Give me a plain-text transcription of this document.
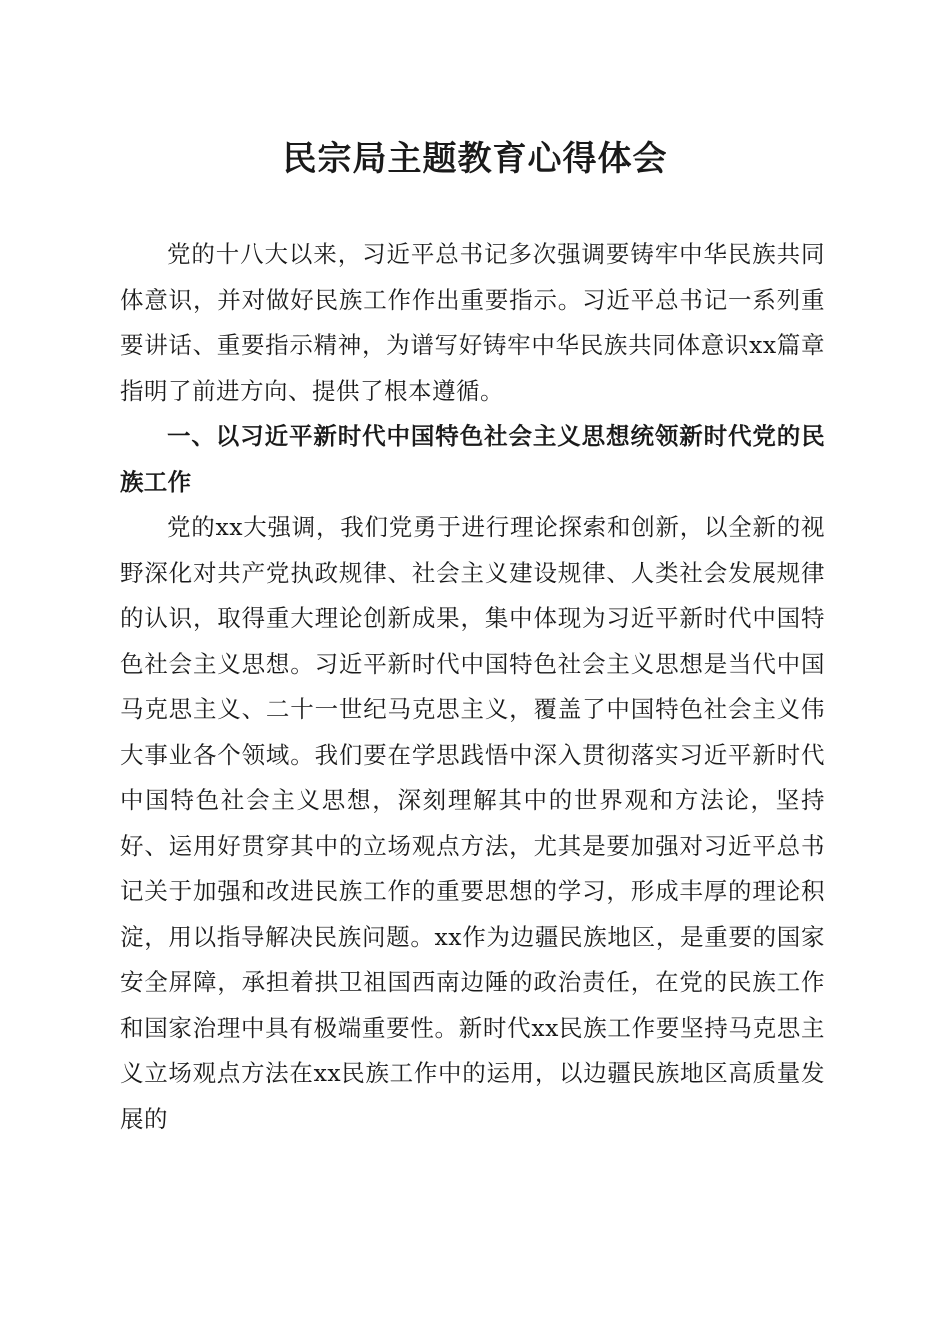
民宗局主题教育心得体会

党的十八大以来，习近平总书记多次强调要铸牢中华民族共同体意识，并对做好民族工作作出重要指示。习近平总书记一系列重要讲话、重要指示精神，为谱写好铸牢中华民族共同体意识xx篇章指明了前进方向、提供了根本遵循。

一、以习近平新时代中国特色社会主义思想统领新时代党的民族工作

党的xx大强调，我们党勇于进行理论探索和创新，以全新的视野深化对共产党执政规律、社会主义建设规律、人类社会发展规律的认识，取得重大理论创新成果，集中体现为习近平新时代中国特色社会主义思想。习近平新时代中国特色社会主义思想是当代中国马克思主义、二十一世纪马克思主义，覆盖了中国特色社会主义伟大事业各个领域。我们要在学思践悟中深入贯彻落实习近平新时代中国特色社会主义思想，深刻理解其中的世界观和方法论，坚持好、运用好贯穿其中的立场观点方法，尤其是要加强对习近平总书记关于加强和改进民族工作的重要思想的学习，形成丰厚的理论积淀，用以指导解决民族问题。xx作为边疆民族地区，是重要的国家安全屏障，承担着拱卫祖国西南边陲的政治责任，在党的民族工作和国家治理中具有极端重要性。新时代xx民族工作要坚持马克思主义立场观点方法在xx民族工作中的运用，以边疆民族地区高质量发展的
